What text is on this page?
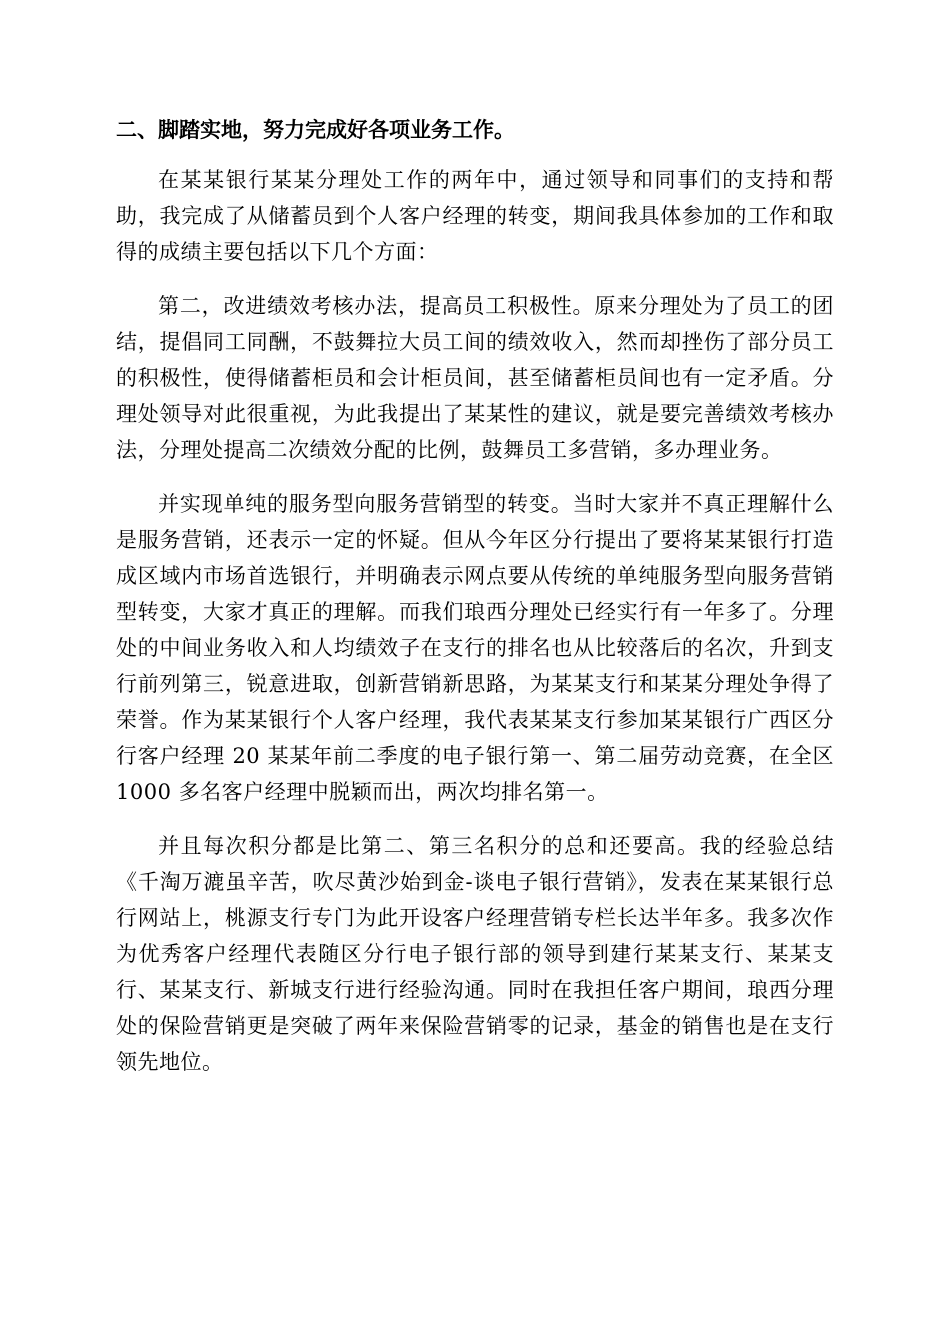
二、脚踏实地，努力完成好各项业务工作。

在某某银行某某分理处工作的两年中，通过领导和同事们的支持和帮助，我完成了从储蓄员到个人客户经理的转变，期间我具体参加的工作和取得的成绩主要包括以下几个方面：

第二，改进绩效考核办法，提高员工积极性。原来分理处为了员工的团结，提倡同工同酬，不鼓舞拉大员工间的绩效收入，然而却挫伤了部分员工的积极性，使得储蓄柜员和会计柜员间，甚至储蓄柜员间也有一定矛盾。分理处领导对此很重视，为此我提出了某某性的建议，就是要完善绩效考核办法，分理处提高二次绩效分配的比例，鼓舞员工多营销，多办理业务。

并实现单纯的服务型向服务营销型的转变。当时大家并不真正理解什么是服务营销，还表示一定的怀疑。但从今年区分行提出了要将某某银行打造成区域内市场首选银行，并明确表示网点要从传统的单纯服务型向服务营销型转变，大家才真正的理解。而我们琅西分理处已经实行有一年多了。分理处的中间业务收入和人均绩效子在支行的排名也从比较落后的名次，升到支行前列第三，锐意进取，创新营销新思路，为某某支行和某某分理处争得了荣誉。作为某某银行个人客户经理，我代表某某支行参加某某银行广西区分行客户经理 20 某某年前二季度的电子银行第一、第二届劳动竞赛，在全区 1000 多名客户经理中脱颖而出，两次均排名第一。

并且每次积分都是比第二、第三名积分的总和还要高。我的经验总结《千淘万漉虽辛苦，吹尽黄沙始到金-谈电子银行营销》，发表在某某银行总行网站上，桃源支行专门为此开设客户经理营销专栏长达半年多。我多次作为优秀客户经理代表随区分行电子银行部的领导到建行某某支行、某某支行、某某支行、新城支行进行经验沟通。同时在我担任客户期间，琅西分理处的保险营销更是突破了两年来保险营销零的记录，基金的销售也是在支行领先地位。
